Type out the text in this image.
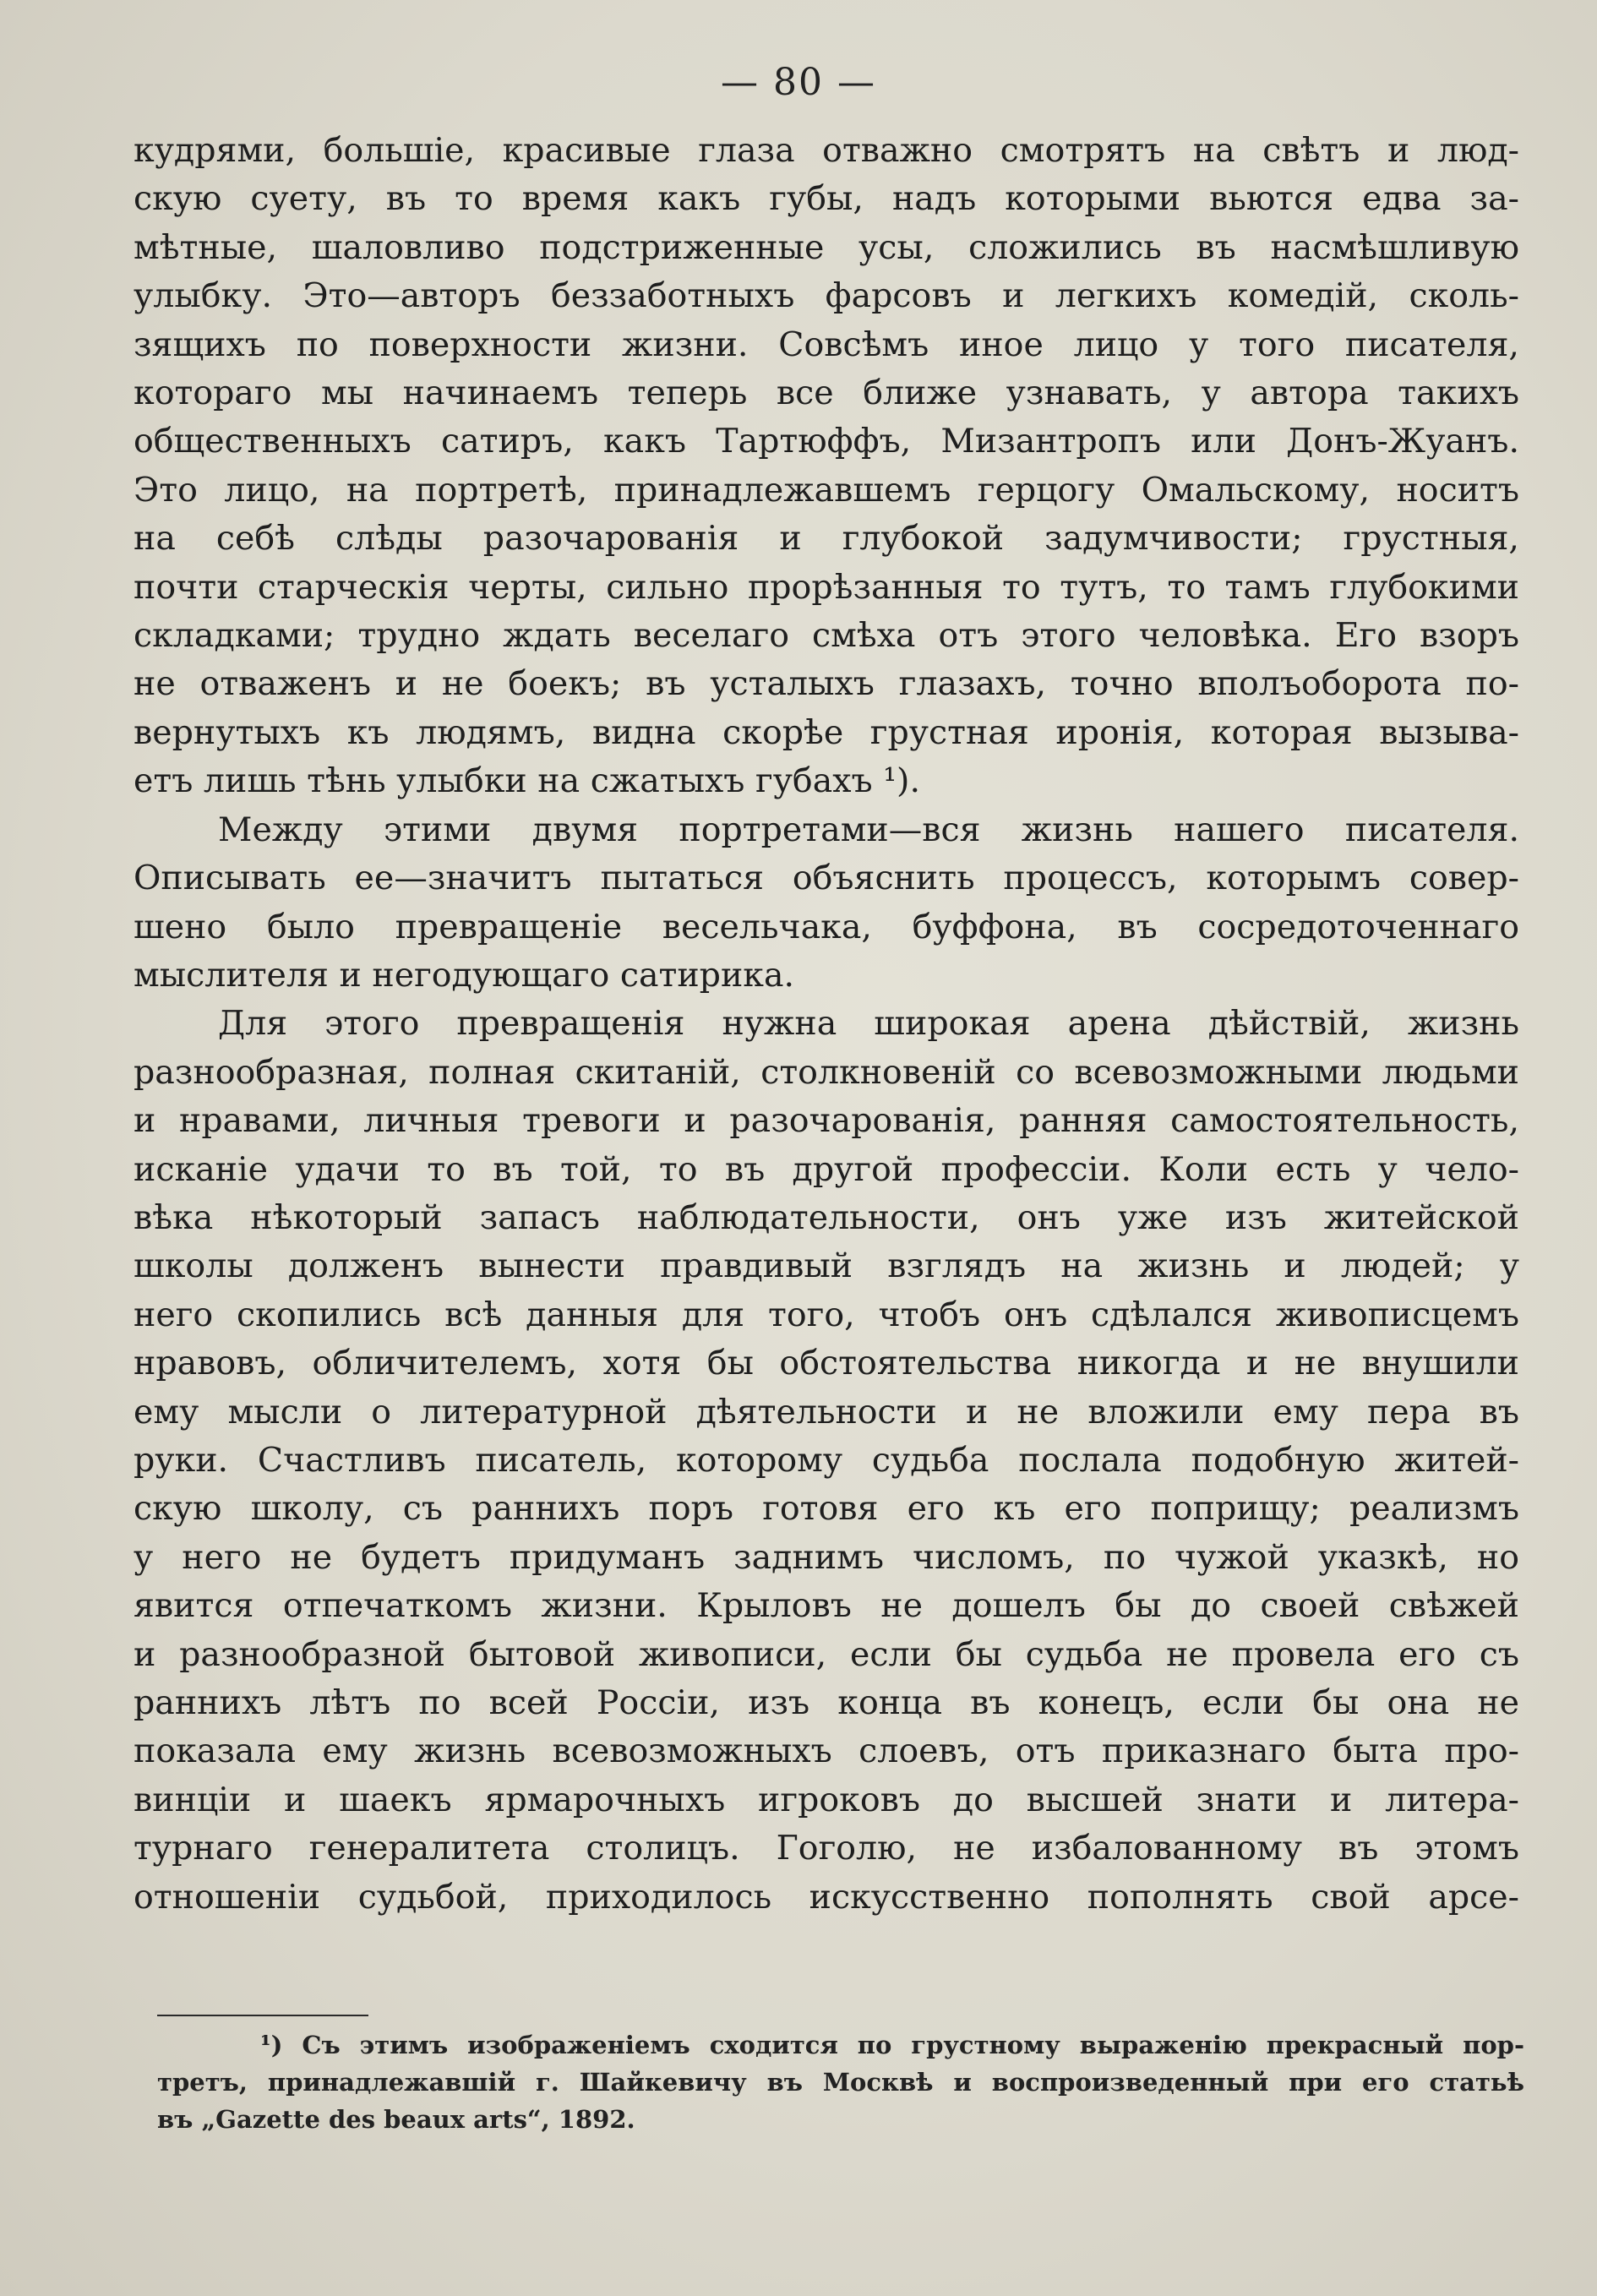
— 80 —
кудрями, большіе, красивые глаза отважно смотрятъ на свѣтъ и люд-
скую суету, въ то время какъ губы, надъ которыми вьются едва за-
мѣтные, шаловливо подстриженные усы, сложились въ насмѣшливую
улыбку. Это—авторъ беззаботныхъ фарсовъ и легкихъ комедій, сколь-
зящихъ по поверхности жизни. Совсѣмъ иное лицо у того писателя,
котораго мы начинаемъ теперь все ближе узнавать, у автора такихъ
общественныхъ сатиръ, какъ Тартюффъ, Мизантропъ или Донъ-Жуанъ.
Это лицо, на портретѣ, принадлежавшемъ герцогу Омальскому, носитъ
на себѣ слѣды разочарованія и глубокой задумчивости; грустныя,
почти старческія черты, сильно прорѣзанныя то тутъ, то тамъ глубокими
складками; трудно ждать веселаго смѣха отъ этого человѣка. Его взоръ
не отваженъ и не боекъ; въ усталыхъ глазахъ, точно вполъоборота по-
вернутыхъ къ людямъ, видна скорѣе грустная иронія, которая вызыва-
етъ лишь тѣнь улыбки на сжатыхъ губахъ ¹).
Между этими двумя портретами—вся жизнь нашего писателя.
Описывать ее—значитъ пытаться объяснить процессъ, которымъ совер-
шено было превращеніе весельчака, буффона, въ сосредоточеннаго
мыслителя и негодующаго сатирика.
Для этого превращенія нужна широкая арена дѣйствій, жизнь
разнообразная, полная скитаній, столкновеній со всевозможными людьми
и нравами, личныя тревоги и разочарованія, ранняя самостоятельность,
исканіе удачи то въ той, то въ другой профессіи. Коли есть у чело-
вѣка нѣкоторый запасъ наблюдательности, онъ уже изъ житейской
школы долженъ вынести правдивый взглядъ на жизнь и людей; у
него скопились всѣ данныя для того, чтобъ онъ сдѣлался живописцемъ
нравовъ, обличителемъ, хотя бы обстоятельства никогда и не внушили
ему мысли о литературной дѣятельности и не вложили ему пера въ
руки. Счастливъ писатель, которому судьба послала подобную житей-
скую школу, съ раннихъ поръ готовя его къ его поприщу; реализмъ
у него не будетъ придуманъ заднимъ числомъ, по чужой указкѣ, но
явится отпечаткомъ жизни. Крыловъ не дошелъ бы до своей свѣжей
и разнообразной бытовой живописи, если бы судьба не провела его съ
раннихъ лѣтъ по всей Россіи, изъ конца въ конецъ, если бы она не
показала ему жизнь всевозможныхъ слоевъ, отъ приказнаго быта про-
винціи и шаекъ ярмарочныхъ игроковъ до высшей знати и литера-
турнаго генералитета столицъ. Гоголю, не избалованному въ этомъ
отношеніи судьбой, приходилось искусственно пополнять свой арсе-
¹) Съ этимъ изображеніемъ сходится по грустному выраженію прекрасный пор-
третъ, принадлежавшій г. Шайкевичу въ Москвѣ и воспроизведенный при его статьѣ
въ „Gazette des beaux arts“, 1892.
